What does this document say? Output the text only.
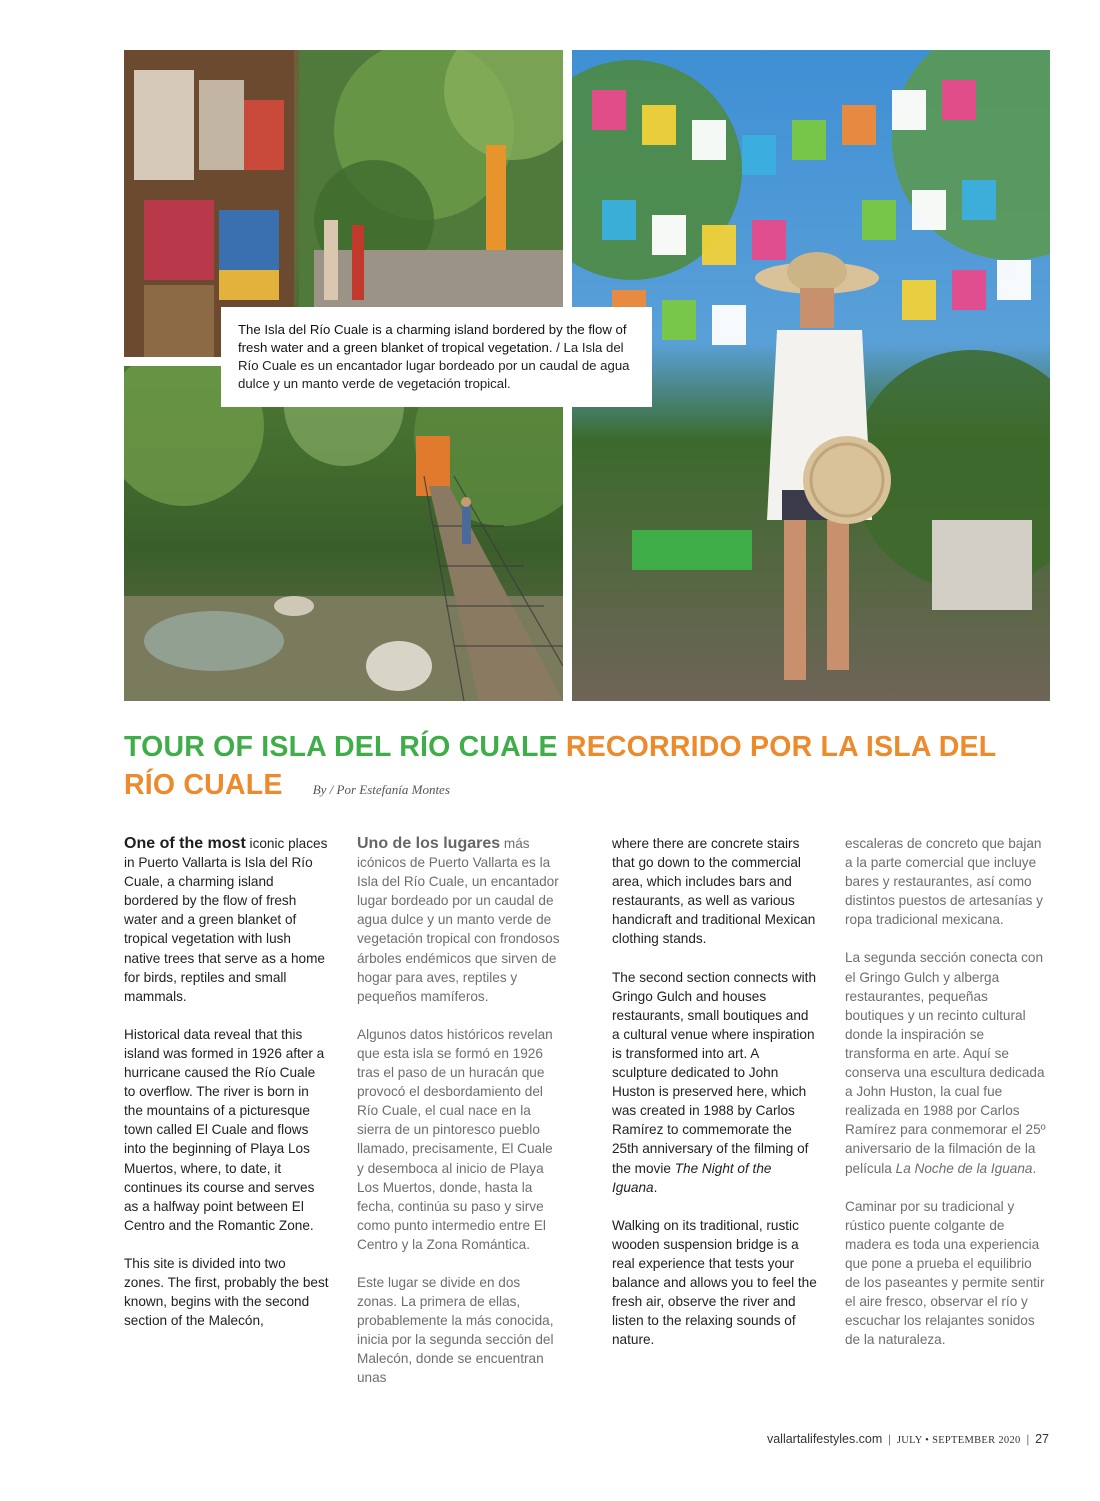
The Isla del Río Cuale is a charming island bordered by the flow of fresh water and a green blanket of tropical vegetation. / La Isla del Río Cuale es un encantador lugar bordeado por un caudal de agua dulce y un manto verde de vegetación tropical.
TOUR OF ISLA DEL RÍO CUALE RECORRIDO POR LA ISLA DEL RÍO CUALE By / Por Estefanía Montes

One of the most iconic places in Puerto Vallarta is Isla del Río Cuale, a charming island bordered by the flow of fresh water and a green blanket of tropical vegetation with lush native trees that serve as a home for birds, reptiles and small mammals.

Historical data reveal that this island was formed in 1926 after a hurricane caused the Río Cuale to overflow. The river is born in the mountains of a picturesque town called El Cuale and flows into the beginning of Playa Los Muertos, where, to date, it continues its course and serves as a halfway point between El Centro and the Romantic Zone.

This site is divided into two zones. The first, probably the best known, begins with the second section of the Malecón,

Uno de los lugares más icónicos de Puerto Vallarta es la Isla del Río Cuale, un encantador lugar bordeado por un caudal de agua dulce y un manto verde de vegetación tropical con frondosos árboles endémicos que sirven de hogar para aves, reptiles y pequeños mamíferos.

Algunos datos históricos revelan que esta isla se formó en 1926 tras el paso de un huracán que provocó el desbordamiento del Río Cuale, el cual nace en la sierra de un pintoresco pueblo llamado, precisamente, El Cuale y desemboca al inicio de Playa Los Muertos, donde, hasta la fecha, continúa su paso y sirve como punto intermedio entre El Centro y la Zona Romántica.

Este lugar se divide en dos zonas. La primera de ellas, probablemente la más conocida, inicia por la segunda sección del Malecón, donde se encuentran unas

where there are concrete stairs that go down to the commercial area, which includes bars and restaurants, as well as various handicraft and traditional Mexican clothing stands.

The second section connects with Gringo Gulch and houses restaurants, small boutiques and a cultural venue where inspiration is transformed into art. A sculpture dedicated to John Huston is preserved here, which was created in 1988 by Carlos Ramírez to commemorate the 25th anniversary of the filming of the movie The Night of the Iguana.

Walking on its traditional, rustic wooden suspension bridge is a real experience that tests your balance and allows you to feel the fresh air, observe the river and listen to the relaxing sounds of nature.

escaleras de concreto que bajan a la parte comercial que incluye bares y restaurantes, así como distintos puestos de artesanías y ropa tradicional mexicana.

La segunda sección conecta con el Gringo Gulch y alberga restaurantes, pequeñas boutiques y un recinto cultural donde la inspiración se transforma en arte. Aquí se conserva una escultura dedicada a John Huston, la cual fue realizada en 1988 por Carlos Ramírez para conmemorar el 25º aniversario de la filmación de la película La Noche de la Iguana.

Caminar por su tradicional y rústico puente colgante de madera es toda una experiencia que pone a prueba el equilibrio de los paseantes y permite sentir el aire fresco, observar el río y escuchar los relajantes sonidos de la naturaleza.

vallartalifestyles.com | JULY • SEPTEMBER 2020 | 27
